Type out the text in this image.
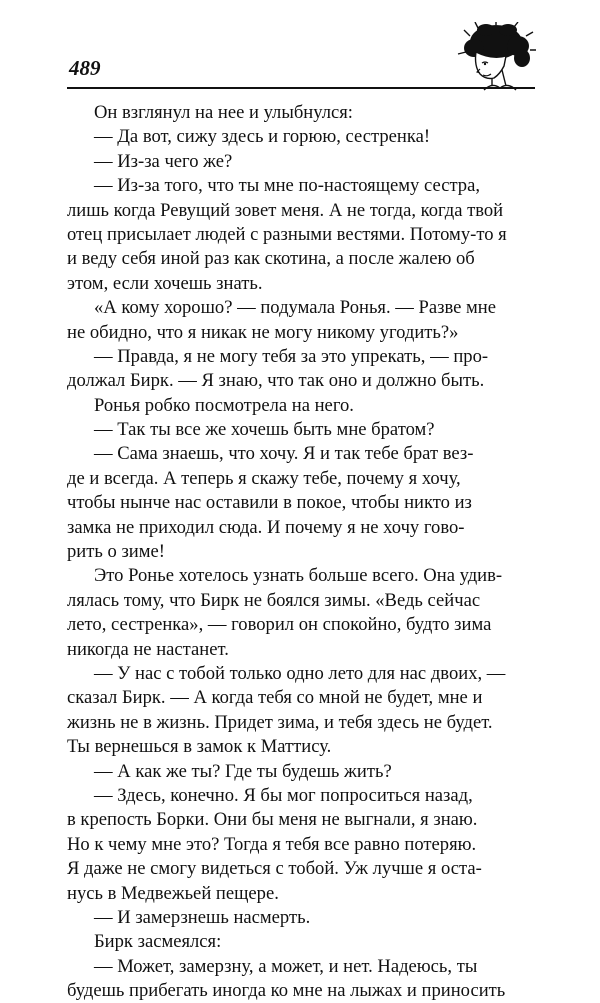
489
Он взглянул на нее и улыбнулся:
— Да вот, сижу здесь и горюю, сестренка!
— Из-за чего же?
— Из-за того, что ты мне по-настоящему сестра,
лишь когда Ревущий зовет меня. А не тогда, когда твой
отец присылает людей с разными вестями. Потому-то я
и веду себя иной раз как скотина, а после жалею об
этом, если хочешь знать.
«А кому хорошо? — подумала Ронья. — Разве мне
не обидно, что я никак не могу никому угодить?»
— Правда, я не могу тебя за это упрекать, — про-
должал Бирк. — Я знаю, что так оно и должно быть.
Ронья робко посмотрела на него.
— Так ты все же хочешь быть мне братом?
— Сама знаешь, что хочу. Я и так тебе брат вез-
де и всегда. А теперь я скажу тебе, почему я хочу,
чтобы нынче нас оставили в покое, чтобы никто из
замка не приходил сюда. И почему я не хочу гово-
рить о зиме!
Это Ронье хотелось узнать больше всего. Она удив-
лялась тому, что Бирк не боялся зимы. «Ведь сейчас
лето, сестренка», — говорил он спокойно, будто зима
никогда не настанет.
— У нас с тобой только одно лето для нас двоих, —
сказал Бирк. — А когда тебя со мной не будет, мне и
жизнь не в жизнь. Придет зима, и тебя здесь не будет.
Ты вернешься в замок к Маттису.
— А как же ты? Где ты будешь жить?
— Здесь, конечно. Я бы мог попроситься назад,
в крепость Борки. Они бы меня не выгнали, я знаю.
Но к чему мне это? Тогда я тебя все равно потеряю.
Я даже не смогу видеться с тобой. Уж лучше я оста-
нусь в Медвежьей пещере.
— И замерзнешь насмерть.
Бирк засмеялся:
— Может, замерзну, а может, и нет. Надеюсь, ты
будешь прибегать иногда ко мне на лыжах и приносить
